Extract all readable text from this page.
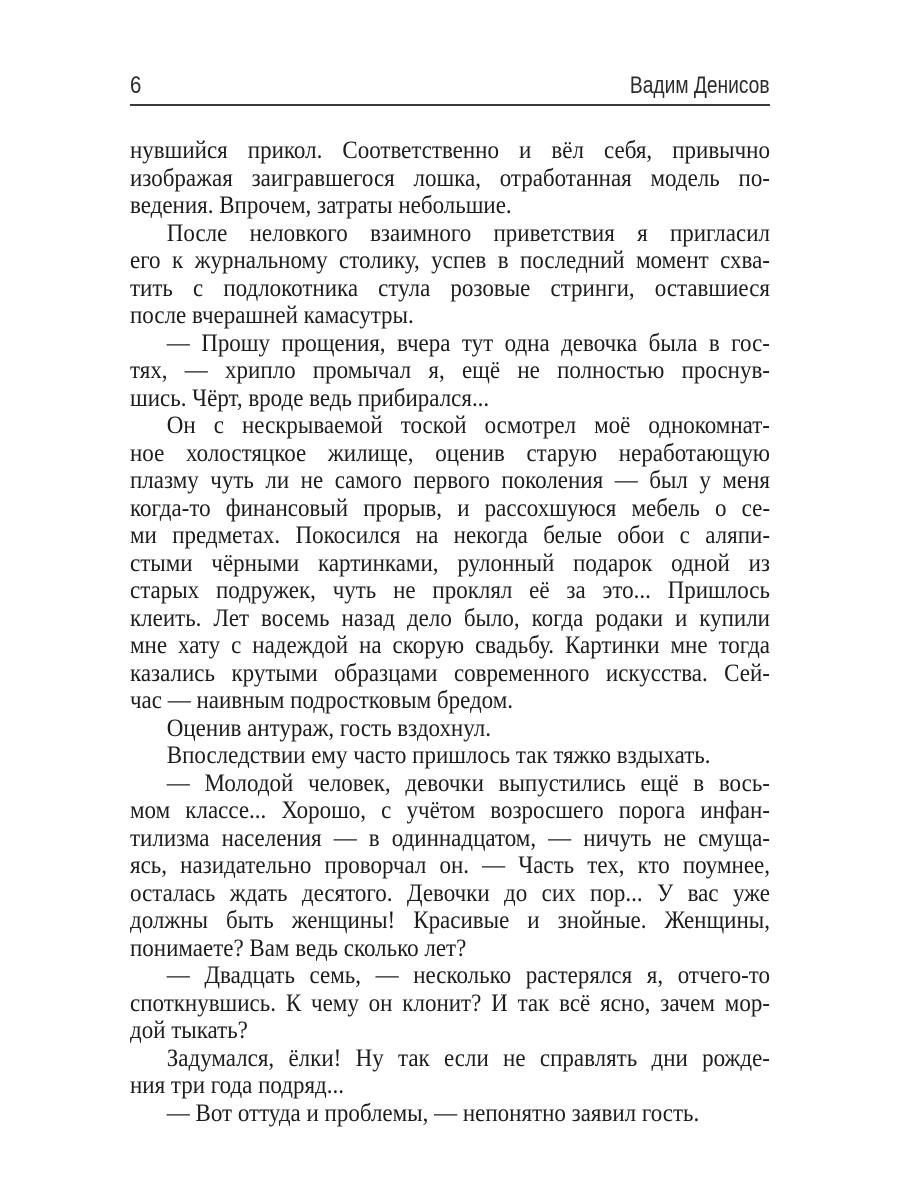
6	Вадим Денисов
нувшийся прикол. Соответственно и вёл себя, привычно
изображая заигравшегося лошка, отработанная модель по-
ведения. Впрочем, затраты небольшие.
После неловкого взаимного приветствия я пригласил
его к журнальному столику, успев в последний момент схва-
тить с подлокотника стула розовые стринги, оставшиеся
после вчерашней камасутры.
— Прошу прощения, вчера тут одна девочка была в гос-
тях, — хрипло промычал я, ещё не полностью проснув-
шись. Чёрт, вроде ведь прибирался...
Он с нескрываемой тоской осмотрел моё однокомнат-
ное холостяцкое жилище, оценив старую неработающую
плазму чуть ли не самого первого поколения — был у меня
когда-то финансовый прорыв, и рассохшуюся мебель о се-
ми предметах. Покосился на некогда белые обои с аляпи-
стыми чёрными картинками, рулонный подарок одной из
старых подружек, чуть не проклял её за это... Пришлось
клеить. Лет восемь назад дело было, когда родаки и купили
мне хату с надеждой на скорую свадьбу. Картинки мне тогда
казались крутыми образцами современного искусства. Сей-
час — наивным подростковым бредом.
Оценив антураж, гость вздохнул.
Впоследствии ему часто пришлось так тяжко вздыхать.
— Молодой человек, девочки выпустились ещё в вось-
мом классе... Хорошо, с учётом возросшего порога инфан-
тилизма населения — в одиннадцатом, — ничуть не смуща-
ясь, назидательно проворчал он. — Часть тех, кто поумнее,
осталась ждать десятого. Девочки до сих пор... У вас уже
должны быть женщины! Красивые и знойные. Женщины,
понимаете? Вам ведь сколько лет?
— Двадцать семь, — несколько растерялся я, отчего-то
споткнувшись. К чему он клонит? И так всё ясно, зачем мор-
дой тыкать?
Задумался, ёлки! Ну так если не справлять дни рожде-
ния три года подряд...
— Вот оттуда и проблемы, — непонятно заявил гость.
